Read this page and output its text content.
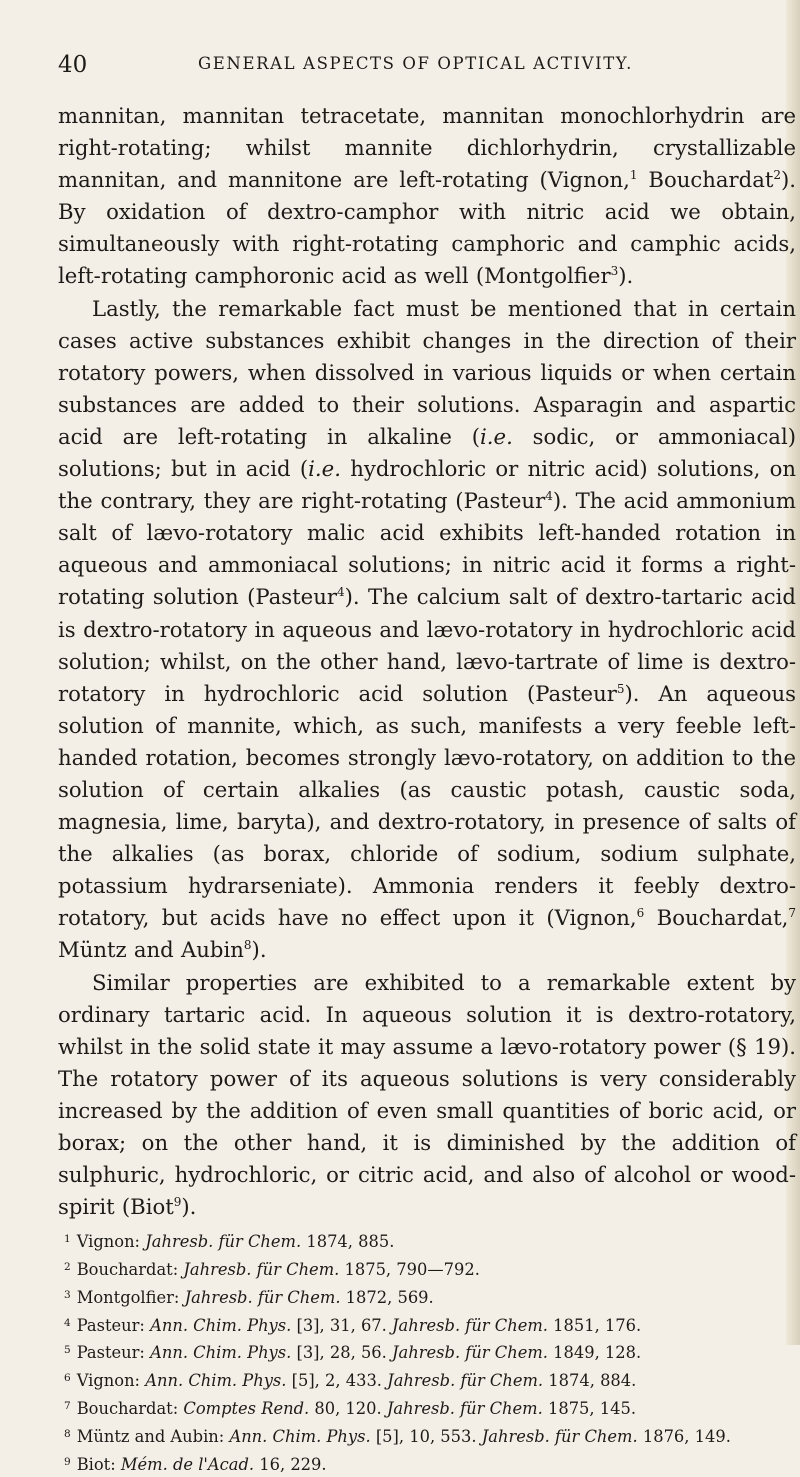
40	GENERAL ASPECTS OF OPTICAL ACTIVITY.

mannitan, mannitan tetracetate, mannitan monochlorhydrin are right-rotating; whilst mannite dichlorhydrin, crystallizable mannitan, and mannitone are left-rotating (Vignon,$^1$ Bouchardat$^2$). By oxidation of dextro-camphor with nitric acid we obtain, simultaneously with right-rotating camphoric and camphic acids, left-rotating camphoronic acid as well (Montgolfier$^3$).

Lastly, the remarkable fact must be mentioned that in certain cases active substances exhibit changes in the direction of their rotatory powers, when dissolved in various liquids or when certain substances are added to their solutions. Asparagin and aspartic acid are left-rotating in alkaline (i.e. sodic, or ammoniacal) solutions; but in acid (i.e. hydrochloric or nitric acid) solutions, on the contrary, they are right-rotating (Pasteur$^4$). The acid ammonium salt of lævo-rotatory malic acid exhibits left-handed rotation in aqueous and ammoniacal solutions; in nitric acid it forms a right-rotating solution (Pasteur$^4$). The calcium salt of dextro-tartaric acid is dextro-rotatory in aqueous and lævo-rotatory in hydrochloric acid solution; whilst, on the other hand, lævo-tartrate of lime is dextro-rotatory in hydrochloric acid solution (Pasteur$^5$). An aqueous solution of mannite, which, as such, manifests a very feeble left-handed rotation, becomes strongly lævo-rotatory, on addition to the solution of certain alkalies (as caustic potash, caustic soda, magnesia, lime, baryta), and dextro-rotatory, in presence of salts of the alkalies (as borax, chloride of sodium, sodium sulphate, potassium hydrarseniate). Ammonia renders it feebly dextro-rotatory, but acids have no effect upon it (Vignon,$^6$ Bouchardat,$^7$ Müntz and Aubin$^8$).

Similar properties are exhibited to a remarkable extent by ordinary tartaric acid. In aqueous solution it is dextro-rotatory, whilst in the solid state it may assume a lævo-rotatory power (§ 19). The rotatory power of its aqueous solutions is very considerably increased by the addition of even small quantities of boric acid, or borax; on the other hand, it is diminished by the addition of sulphuric, hydrochloric, or citric acid, and also of alcohol or wood-spirit (Biot$^9$).

$^1$ Vignon: Jahresb. für Chem. 1874, 885.
$^2$ Bouchardat: Jahresb. für Chem. 1875, 790—792.
$^3$ Montgolfier: Jahresb. für Chem. 1872, 569.
$^4$ Pasteur: Ann. Chim. Phys. [3], 31, 67. Jahresb. für Chem. 1851, 176.
$^5$ Pasteur: Ann. Chim. Phys. [3], 28, 56. Jahresb. für Chem. 1849, 128.
$^6$ Vignon: Ann. Chim. Phys. [5], 2, 433. Jahresb. für Chem. 1874, 884.
$^7$ Bouchardat: Comptes Rend. 80, 120. Jahresb. für Chem. 1875, 145.
$^8$ Müntz and Aubin: Ann. Chim. Phys. [5], 10, 553. Jahresb. für Chem. 1876, 149.
$^9$ Biot: Mém. de l'Acad. 16, 229.
